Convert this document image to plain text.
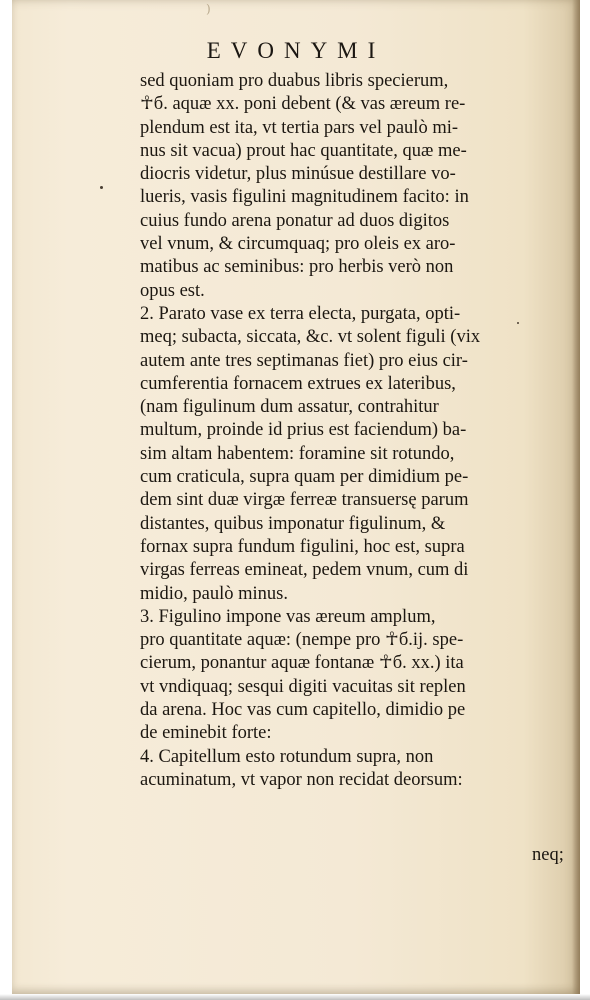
)
EVONYMI
sed quoniam pro duabus libris specierum,
☥б. aquæ xx. poni debent (& vas æreum re-
plendum est ita, vt tertia pars vel paulò mi-
nus sit vacua) prout hac quantitate, quæ me-
diocris videtur, plus minúsue destillare vo-
lueris, vasis figulini magnitudinem facito: in
cuius fundo arena ponatur ad duos digitos
vel vnum, & circumquaq; pro oleis ex aro-
matibus ac seminibus: pro herbis verò non
opus est.
2. Parato vase ex terra electa, purgata, opti-
meq; subacta, siccata, &c. vt solent figuli (vix
autem ante tres septimanas fiet) pro eius cir-
cumferentia fornacem extrues ex lateribus,
(nam figulinum dum assatur, contrahitur
multum, proinde id prius est faciendum) ba-
sim altam habentem: foramine sit rotundo,
cum craticula, supra quam per dimidium pe-
dem sint duæ virgæ ferreæ transuersę parum
distantes, quibus imponatur figulinum, &
fornax supra fundum figulini, hoc est, supra
virgas ferreas emineat, pedem vnum, cum di
midio, paulò minus.
3. Figulino impone vas æreum amplum,
pro quantitate aquæ: (nempe pro ☥б.ij. spe-
cierum, ponantur aquæ fontanæ ☥б. xx.) ita
vt vndiquaq; sesqui digiti vacuitas sit replen
da arena. Hoc vas cum capitello, dimidio pe
de eminebit forte:
4. Capitellum esto rotundum supra, non
acuminatum, vt vapor non recidat deorsum:
neq;
